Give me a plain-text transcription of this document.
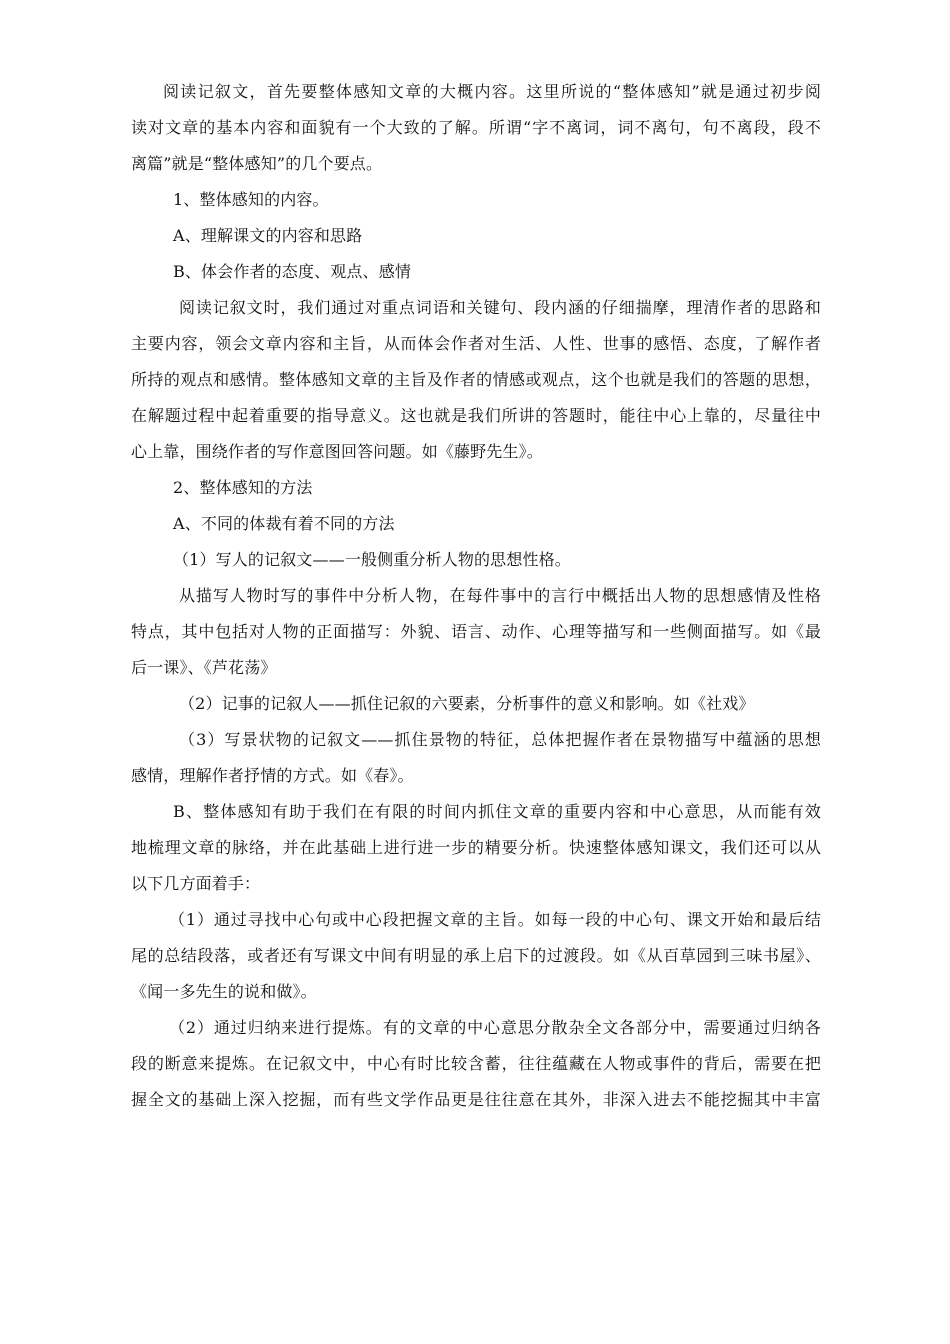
阅读记叙文，首先要整体感知文章的大概内容。这里所说的“整体感知”就是通过初步阅
读对文章的基本内容和面貌有一个大致的了解。所谓“字不离词，词不离句，句不离段，段不
离篇”就是“整体感知”的几个要点。
1、整体感知的内容。
A、理解课文的内容和思路
B、体会作者的态度、观点、感情
阅读记叙文时，我们通过对重点词语和关键句、段内涵的仔细揣摩，理清作者的思路和
主要内容，领会文章内容和主旨，从而体会作者对生活、人性、世事的感悟、态度，了解作者
所持的观点和感情。整体感知文章的主旨及作者的情感或观点，这个也就是我们的答题的思想，
在解题过程中起着重要的指导意义。这也就是我们所讲的答题时，能往中心上靠的，尽量往中
心上靠，围绕作者的写作意图回答问题。如《藤野先生》。
2、整体感知的方法
A、不同的体裁有着不同的方法
（1）写人的记叙文——一般侧重分析人物的思想性格。
从描写人物时写的事件中分析人物，在每件事中的言行中概括出人物的思想感情及性格
特点，其中包括对人物的正面描写：外貌、语言、动作、心理等描写和一些侧面描写。如《最
后一课》、《芦花荡》
（2）记事的记叙人——抓住记叙的六要素，分析事件的意义和影响。如《社戏》
（3）写景状物的记叙文——抓住景物的特征，总体把握作者在景物描写中蕴涵的思想
感情，理解作者抒情的方式。如《春》。
B、整体感知有助于我们在有限的时间内抓住文章的重要内容和中心意思，从而能有效
地梳理文章的脉络，并在此基础上进行进一步的精要分析。快速整体感知课文，我们还可以从
以下几方面着手：
（1）通过寻找中心句或中心段把握文章的主旨。如每一段的中心句、课文开始和最后结
尾的总结段落，或者还有写课文中间有明显的承上启下的过渡段。如《从百草园到三味书屋》、
《闻一多先生的说和做》。
（2）通过归纳来进行提炼。有的文章的中心意思分散杂全文各部分中，需要通过归纳各
段的断意来提炼。在记叙文中，中心有时比较含蓄，往往蕴藏在人物或事件的背后，需要在把
握全文的基础上深入挖掘，而有些文学作品更是往往意在其外，非深入进去不能挖掘其中丰富
